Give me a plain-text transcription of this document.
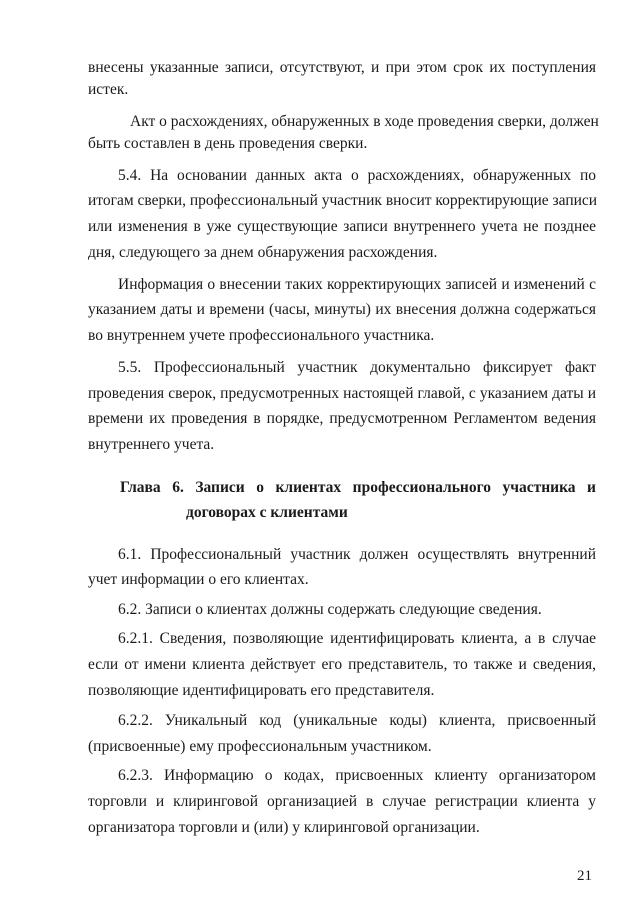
внесены указанные записи, отсутствуют, и при этом срок их поступления
истек.
Акт о расхождениях, обнаруженных в ходе проведения сверки, должен
быть составлен в день проведения сверки.
5.4. На основании данных акта о расхождениях, обнаруженных по
итогам сверки, профессиональный участник вносит корректирующие записи
или изменения в уже существующие записи внутреннего учета не позднее
дня, следующего за днем обнаружения расхождения.
Информация о внесении таких корректирующих записей и изменений с
указанием даты и времени (часы, минуты) их внесения должна содержаться
во внутреннем учете профессионального участника.
5.5. Профессиональный участник документально фиксирует факт
проведения сверок, предусмотренных настоящей главой, с указанием даты и
времени их проведения в порядке, предусмотренном Регламентом ведения
внутреннего учета.
Глава 6. Записи о клиентах профессионального участника и
договорах с клиентами
6.1. Профессиональный участник должен осуществлять внутренний
учет информации о его клиентах.
6.2. Записи о клиентах должны содержать следующие сведения.
6.2.1. Сведения, позволяющие идентифицировать клиента, а в случае
если от имени клиента действует его представитель, то также и сведения,
позволяющие идентифицировать его представителя.
6.2.2. Уникальный код (уникальные коды) клиента, присвоенный
(присвоенные) ему профессиональным участником.
6.2.3. Информацию о кодах, присвоенных клиенту организатором
торговли и клиринговой организацией в случае регистрации клиента у
организатора торговли и (или) у клиринговой организации.
21
